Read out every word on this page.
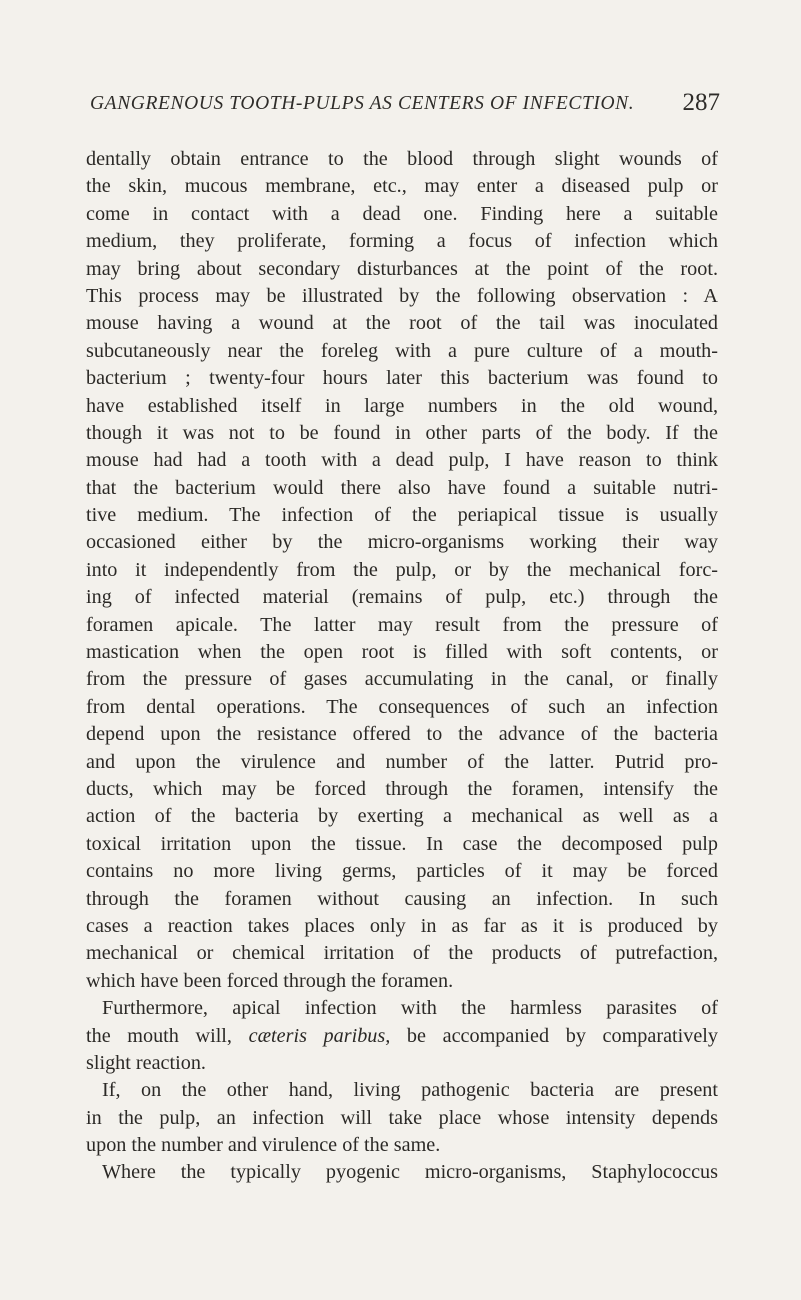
GANGRENOUS TOOTH-PULPS AS CENTERS OF INFECTION. 287
dentally obtain entrance to the blood through slight wounds of
the skin, mucous membrane, etc., may enter a diseased pulp or
come in contact with a dead one. Finding here a suitable
medium, they proliferate, forming a focus of infection which
may bring about secondary disturbances at the point of the root.
This process may be illustrated by the following observation : A
mouse having a wound at the root of the tail was inoculated
subcutaneously near the foreleg with a pure culture of a mouth-
bacterium ; twenty-four hours later this bacterium was found to
have established itself in large numbers in the old wound,
though it was not to be found in other parts of the body. If the
mouse had had a tooth with a dead pulp, I have reason to think
that the bacterium would there also have found a suitable nutri-
tive medium. The infection of the periapical tissue is usually
occasioned either by the micro-organisms working their way
into it independently from the pulp, or by the mechanical forc-
ing of infected material (remains of pulp, etc.) through the
foramen apicale. The latter may result from the pressure of
mastication when the open root is filled with soft contents, or
from the pressure of gases accumulating in the canal, or finally
from dental operations. The consequences of such an infection
depend upon the resistance offered to the advance of the bacteria
and upon the virulence and number of the latter. Putrid pro-
ducts, which may be forced through the foramen, intensify the
action of the bacteria by exerting a mechanical as well as a
toxical irritation upon the tissue. In case the decomposed pulp
contains no more living germs, particles of it may be forced
through the foramen without causing an infection. In such
cases a reaction takes places only in as far as it is produced by
mechanical or chemical irritation of the products of putrefaction,
which have been forced through the foramen.
Furthermore, apical infection with the harmless parasites of
the mouth will, cæteris paribus, be accompanied by comparatively
slight reaction.
If, on the other hand, living pathogenic bacteria are present
in the pulp, an infection will take place whose intensity depends
upon the number and virulence of the same.
Where the typically pyogenic micro-organisms, Staphylococcus
